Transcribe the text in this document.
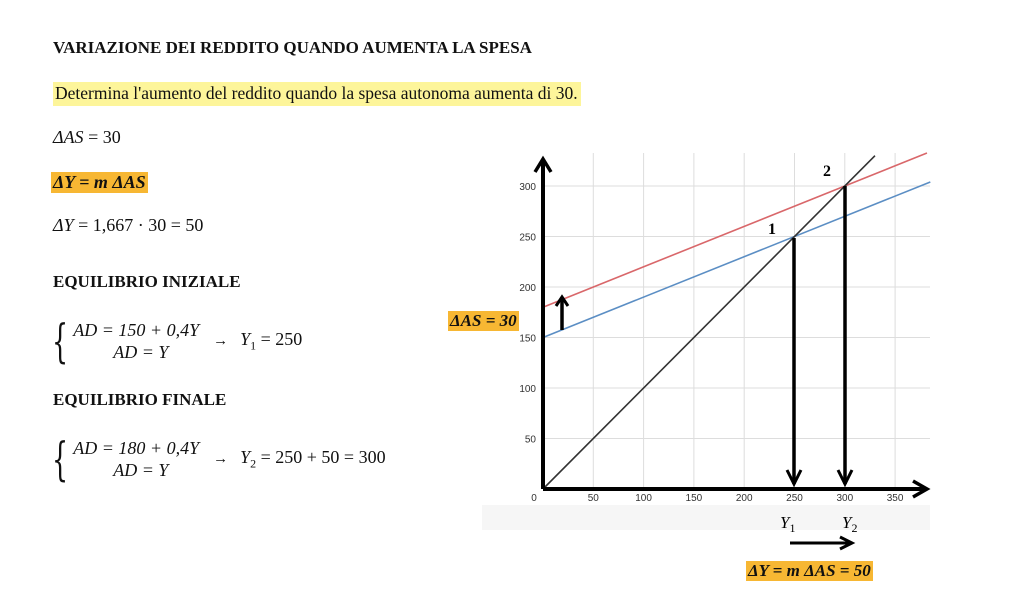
VARIAZIONE DEI REDDITO QUANDO AUMENTA LA SPESA
Determina l'aumento del reddito quando la spesa autonoma aumenta di 30.
ΔAS = 30
ΔY = m ΔAS
ΔY = 1,667 · 30 = 50
EQUILIBRIO INIZIALE
{ AD = 150 + 0,4Y
AD = Y
→ $Y_1 = 250$
EQUILIBRIO FINALE
{ AD = 180 + 0,4Y
AD = Y
→ $Y_2 = 250 + 50 = 300$
0	50	100	150	200	250	300	350
50
100
150
200
250
300
1
2
$Y_1$	$Y_2$
ΔAS = 30
ΔY = m ΔAS = 50
